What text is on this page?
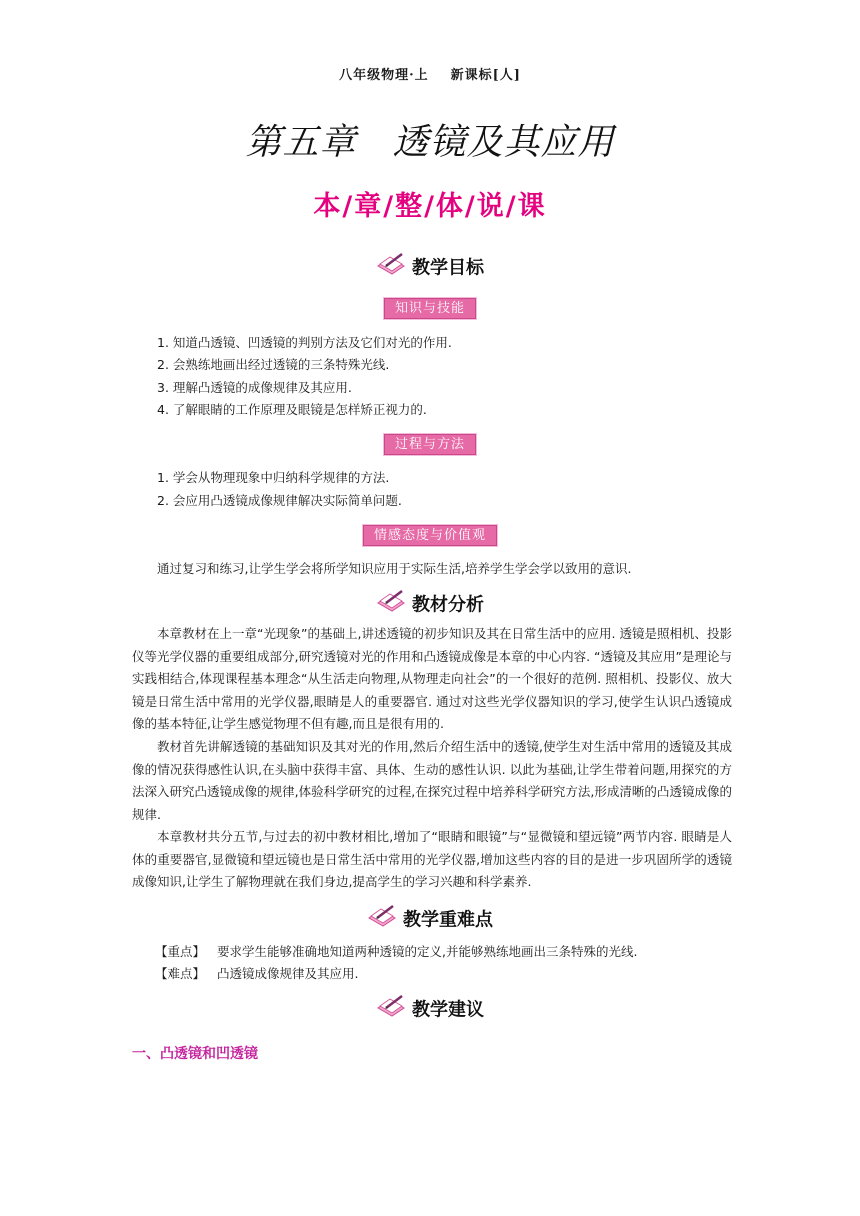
八年级物理·上 新课标[人]
第五章 透镜及其应用
本/章/整/体/说/课
教学目标
知识与技能
1. 知道凸透镜、凹透镜的判别方法及它们对光的作用.
2. 会熟练地画出经过透镜的三条特殊光线.
3. 理解凸透镜的成像规律及其应用.
4. 了解眼睛的工作原理及眼镜是怎样矫正视力的.
过程与方法
1. 学会从物理现象中归纳科学规律的方法.
2. 会应用凸透镜成像规律解决实际简单问题.
情感态度与价值观
通过复习和练习,让学生学会将所学知识应用于实际生活,培养学生学会学以致用的意识.
教材分析
本章教材在上一章“光现象”的基础上,讲述透镜的初步知识及其在日常生活中的应用. 透镜是照相机、投影仪等光学仪器的重要组成部分,研究透镜对光的作用和凸透镜成像是本章的中心内容. “透镜及其应用”是理论与实践相结合,体现课程基本理念“从生活走向物理,从物理走向社会”的一个很好的范例. 照相机、投影仪、放大镜是日常生活中常用的光学仪器,眼睛是人的重要器官. 通过对这些光学仪器知识的学习,使学生认识凸透镜成像的基本特征,让学生感觉物理不但有趣,而且是很有用的.
教材首先讲解透镜的基础知识及其对光的作用,然后介绍生活中的透镜,使学生对生活中常用的透镜及其成像的情况获得感性认识,在头脑中获得丰富、具体、生动的感性认识. 以此为基础,让学生带着问题,用探究的方法深入研究凸透镜成像的规律,体验科学研究的过程,在探究过程中培养科学研究方法,形成清晰的凸透镜成像的规律.
本章教材共分五节,与过去的初中教材相比,增加了“眼睛和眼镜”与“显微镜和望远镜”两节内容. 眼睛是人体的重要器官,显微镜和望远镜也是日常生活中常用的光学仪器,增加这些内容的目的是进一步巩固所学的透镜成像知识,让学生了解物理就在我们身边,提高学生的学习兴趣和科学素养.
教学重难点
【重点】 要求学生能够准确地知道两种透镜的定义,并能够熟练地画出三条特殊的光线.
【难点】 凸透镜成像规律及其应用.
教学建议
一、凸透镜和凹透镜
